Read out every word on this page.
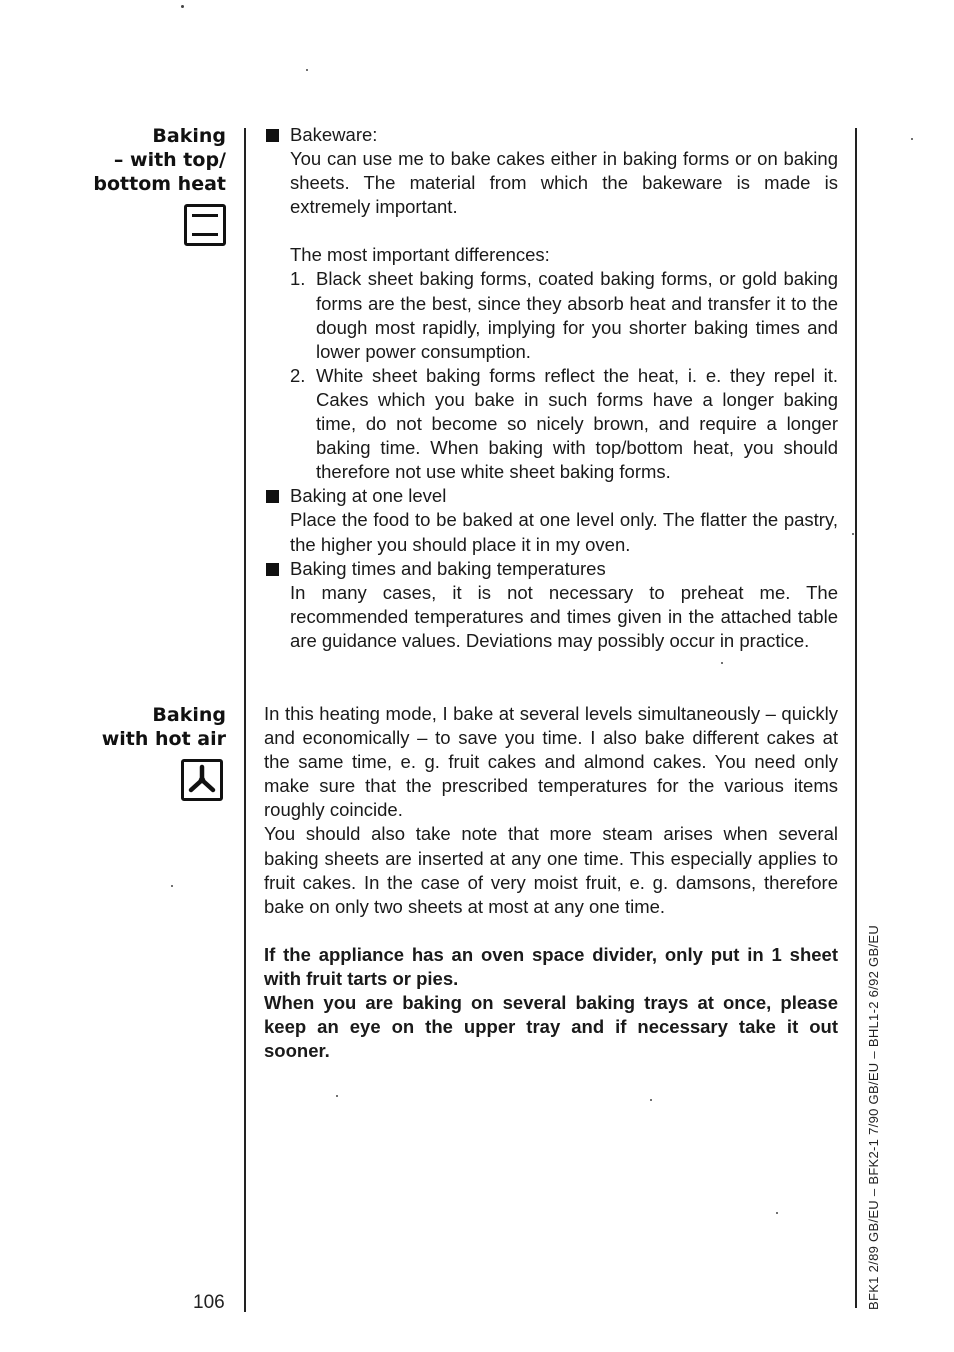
Baking
– with top/
bottom heat
Baking
with hot air
Bakeware:
You can use me to bake cakes either in baking forms or on baking sheets. The material from which the bakeware is made is extremely important.
The most important differences:
1. Black sheet baking forms, coated baking forms, or gold baking forms are the best, since they absorb heat and transfer it to the dough most rapidly, implying for you shorter baking times and lower power consumption.
2. White sheet baking forms reflect the heat, i. e. they repel it. Cakes which you bake in such forms have a longer baking time, do not become so nicely brown, and require a longer baking time. When baking with top/bottom heat, you should therefore not use white sheet baking forms.
Baking at one level
Place the food to be baked at one level only. The flatter the pastry, the higher you should place it in my oven.
Baking times and baking temperatures
In many cases, it is not necessary to preheat me. The recommended temperatures and times given in the attached table are guidance values. Deviations may possibly occur in practice.
In this heating mode, I bake at several levels simultaneously – quickly and economically – to save you time. I also bake different cakes at the same time, e. g. fruit cakes and almond cakes. You need only make sure that the prescribed temperatures for the various items roughly coincide.
You should also take note that more steam arises when several baking sheets are inserted at any one time. This especially applies to fruit cakes. In the case of very moist fruit, e. g. damsons, therefore bake on only two sheets at most at any one time.
If the appliance has an oven space divider, only put in 1 sheet with fruit tarts or pies.
When you are baking on several baking trays at once, please keep an eye on the upper tray and if necessary take it out sooner.
106	BFK1 2/89 GB/EU – BFK2-1 7/90 GB/EU – BHL1-2 6/92 GB/EU
